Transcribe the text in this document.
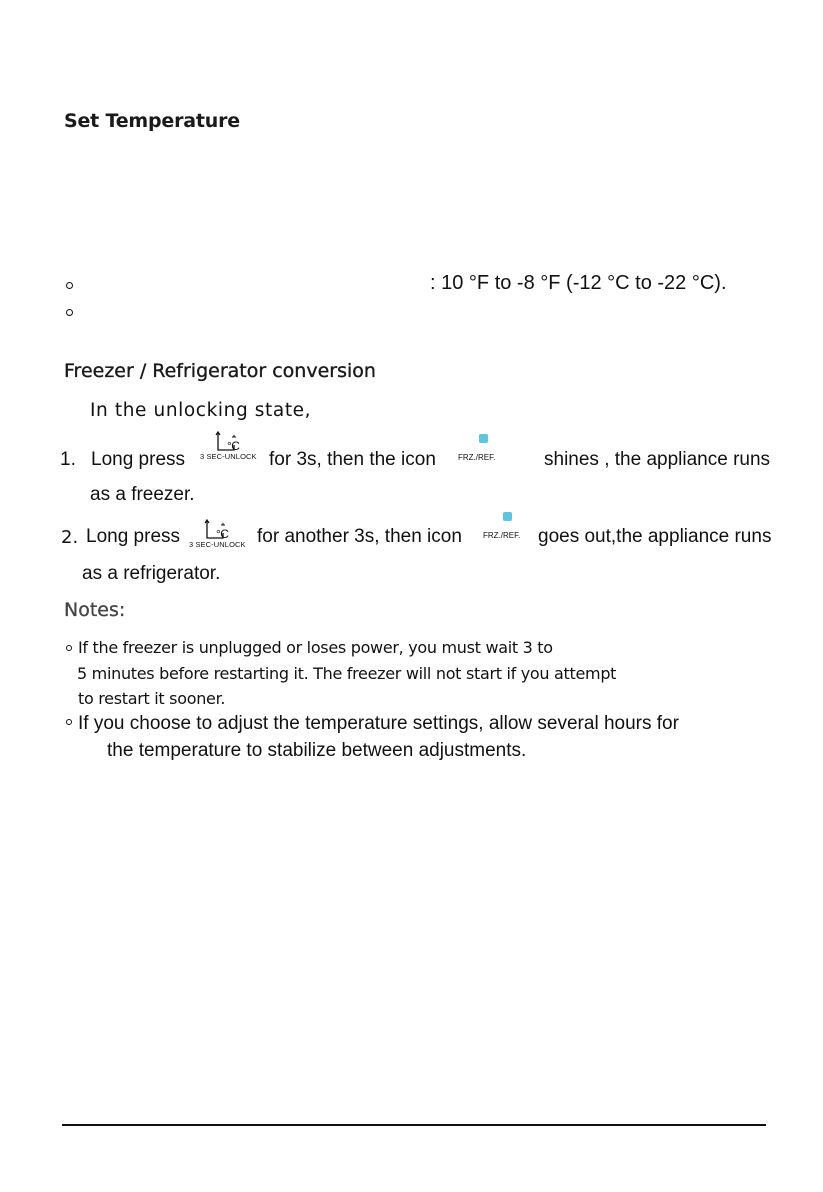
Set Temperature
: 10 °F to -8 °F (-12 °C to -22 °C).
Freezer / Refrigerator conversion
In the unlocking state,
1. Long press
°C
3 SEC-UNLOCK for 3s, then the icon	FRZ./REF.	shines , the appliance runs
as a freezer.
2. Long press	°C
3 SEC-UNLOCK for another 3s, then icon	FRZ./REF. goes out,the appliance runs
as a refrigerator.
Notes:
If the freezer is unplugged or loses power, you must wait 3 to
5 minutes before restarting it. The freezer will not start if you attempt
to restart it sooner.
If you choose to adjust the temperature settings, allow several hours for
the temperature to stabilize between adjustments.
